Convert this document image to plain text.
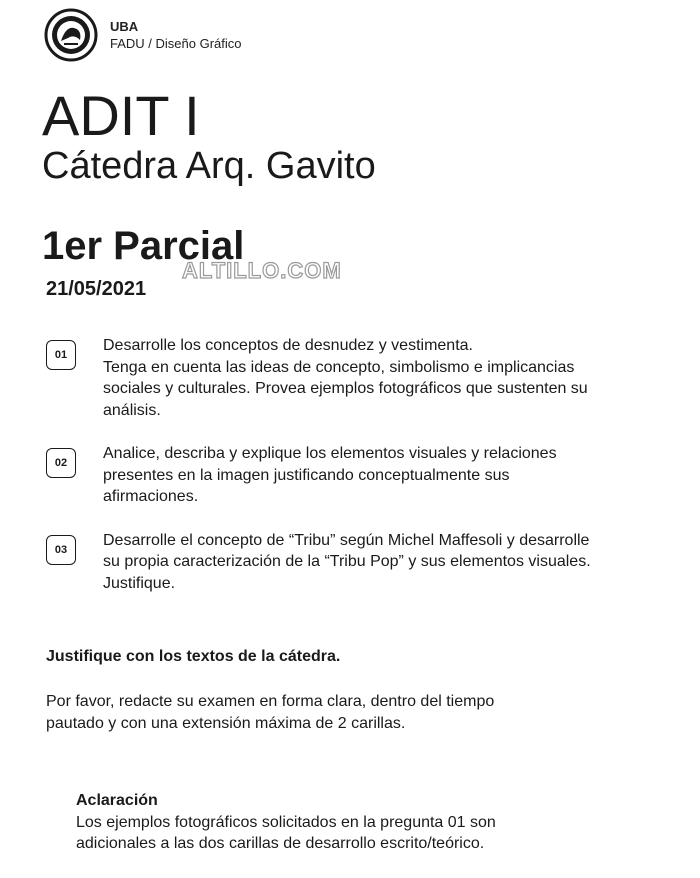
UBA
FADU / Diseño Gráfico
ADIT I
Cátedra Arq. Gavito
1er Parcial
ALTILLO.COM
21/05/2021
01
Desarrolle los conceptos de desnudez y vestimenta.
Tenga en cuenta las ideas de concepto, simbolismo e implicancias
sociales y culturales. Provea ejemplos fotográficos que sustenten su
análisis.
02
Analice, describa y explique los elementos visuales y relaciones
presentes en la imagen justificando conceptualmente sus
afirmaciones.
03
Desarrolle el concepto de “Tribu” según Michel Maffesoli y desarrolle
su propia caracterización de la “Tribu Pop” y sus elementos visuales.
Justifique.
Justifique con los textos de la cátedra.
Por favor, redacte su examen en forma clara, dentro del tiempo
pautado y con una extensión máxima de 2 carillas.
Aclaración
Los ejemplos fotográficos solicitados en la pregunta 01 son
adicionales a las dos carillas de desarrollo escrito/teórico.
